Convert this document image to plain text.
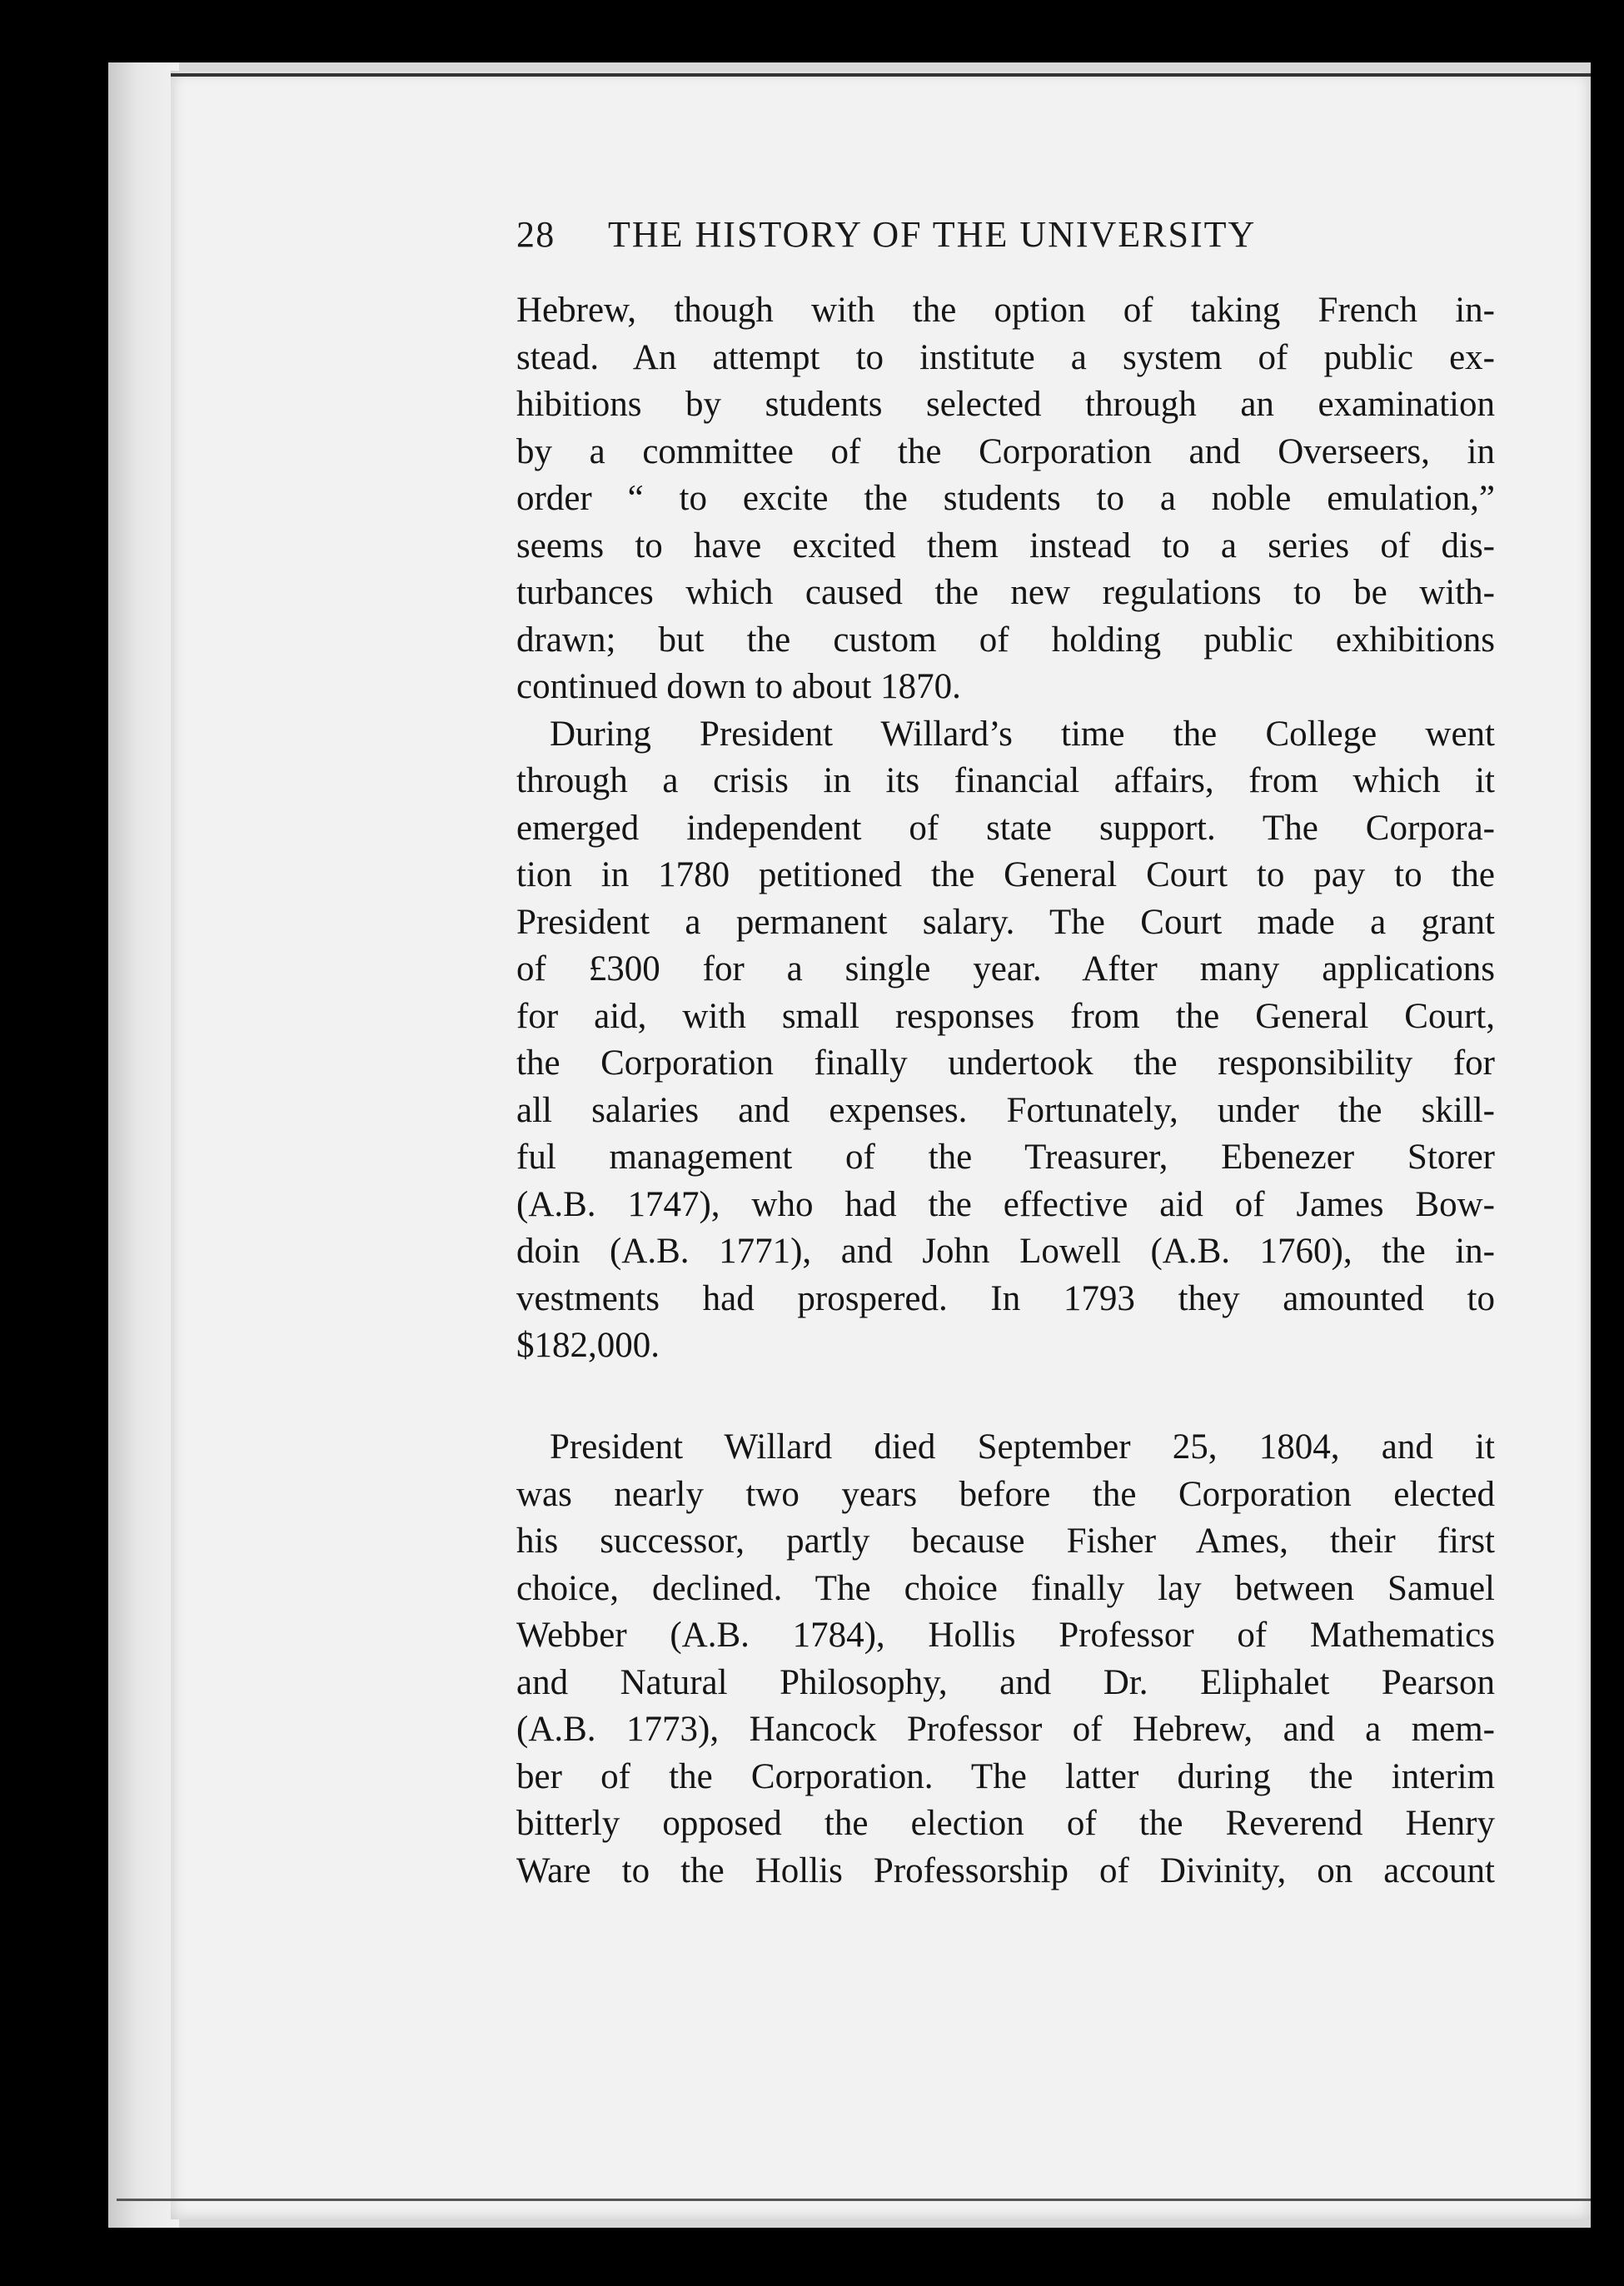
28	THE HISTORY OF THE UNIVERSITY
Hebrew, though with the option of taking French in-
stead. An attempt to institute a system of public ex-
hibitions by students selected through an examination
by a committee of the Corporation and Overseers, in
order “ to excite the students to a noble emulation,”
seems to have excited them instead to a series of dis-
turbances which caused the new regulations to be with-
drawn; but the custom of holding public exhibitions
continued down to about 1870.
During President Willard’s time the College went
through a crisis in its financial affairs, from which it
emerged independent of state support. The Corpora-
tion in 1780 petitioned the General Court to pay to the
President a permanent salary. The Court made a grant
of £300 for a single year. After many applications
for aid, with small responses from the General Court,
the Corporation finally undertook the responsibility for
all salaries and expenses. Fortunately, under the skill-
ful management of the Treasurer, Ebenezer Storer
(A.B. 1747), who had the effective aid of James Bow-
doin (A.B. 1771), and John Lowell (A.B. 1760), the in-
vestments had prospered. In 1793 they amounted to
$182,000.
President Willard died September 25, 1804, and it
was nearly two years before the Corporation elected
his successor, partly because Fisher Ames, their first
choice, declined. The choice finally lay between Samuel
Webber (A.B. 1784), Hollis Professor of Mathematics
and Natural Philosophy, and Dr. Eliphalet Pearson
(A.B. 1773), Hancock Professor of Hebrew, and a mem-
ber of the Corporation. The latter during the interim
bitterly opposed the election of the Reverend Henry
Ware to the Hollis Professorship of Divinity, on account
